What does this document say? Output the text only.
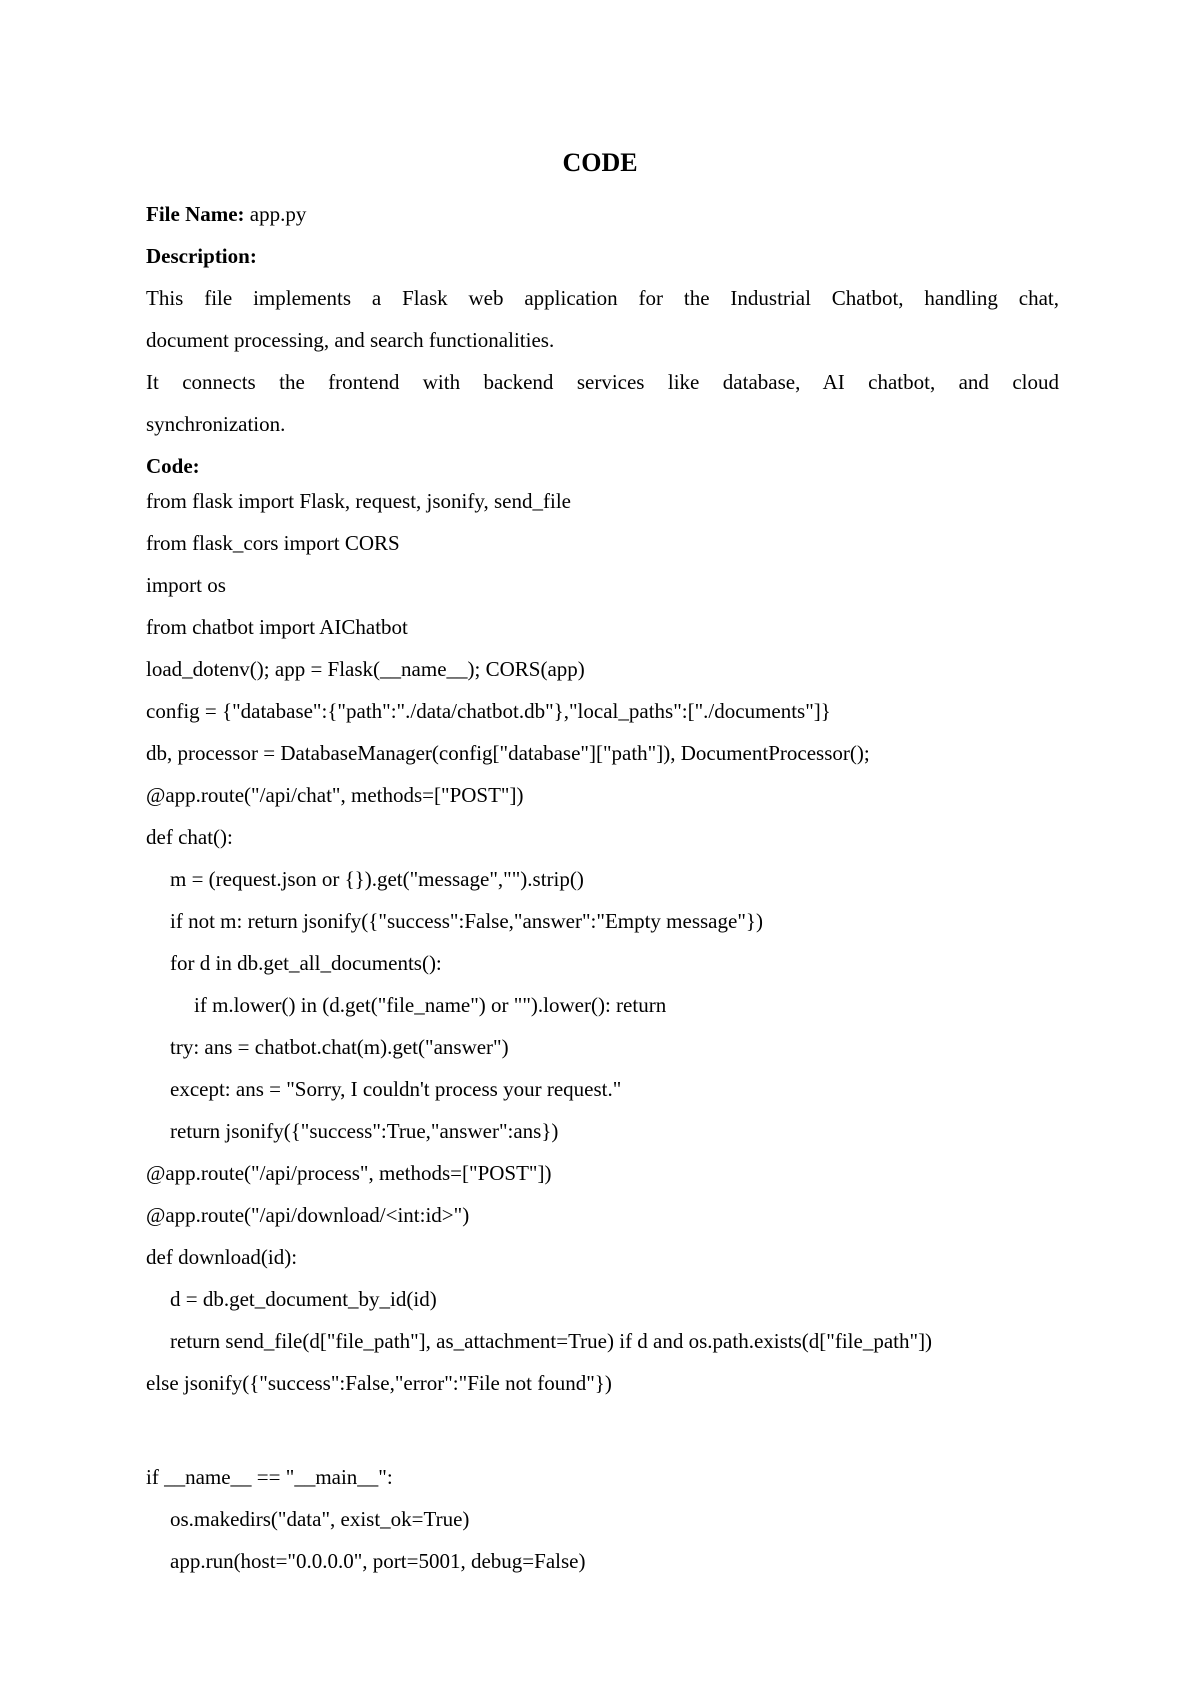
CODE
File Name: app.py
Description:
This file implements a Flask web application for the Industrial Chatbot, handling chat,
document processing, and search functionalities.
It connects the frontend with backend services like database, AI chatbot, and cloud
synchronization.
Code:
from flask import Flask, request, jsonify, send_file
from flask_cors import CORS
import os
from chatbot import AIChatbot
load_dotenv(); app = Flask(__name__); CORS(app)
config = {"database":{"path":"./data/chatbot.db"},"local_paths":["./documents"]}
db, processor = DatabaseManager(config["database"]["path"]), DocumentProcessor();
@app.route("/api/chat", methods=["POST"])
def chat():
m = (request.json or {}).get("message","").strip()
if not m: return jsonify({"success":False,"answer":"Empty message"})
for d in db.get_all_documents():
if m.lower() in (d.get("file_name") or "").lower(): return
try: ans = chatbot.chat(m).get("answer")
except: ans = "Sorry, I couldn't process your request."
return jsonify({"success":True,"answer":ans})
@app.route("/api/process", methods=["POST"])
@app.route("/api/download/<int:id>")
def download(id):
d = db.get_document_by_id(id)
return send_file(d["file_path"], as_attachment=True) if d and os.path.exists(d["file_path"])
else jsonify({"success":False,"error":"File not found"})
if __name__ == "__main__":
os.makedirs("data", exist_ok=True)
app.run(host="0.0.0.0", port=5001, debug=False)
